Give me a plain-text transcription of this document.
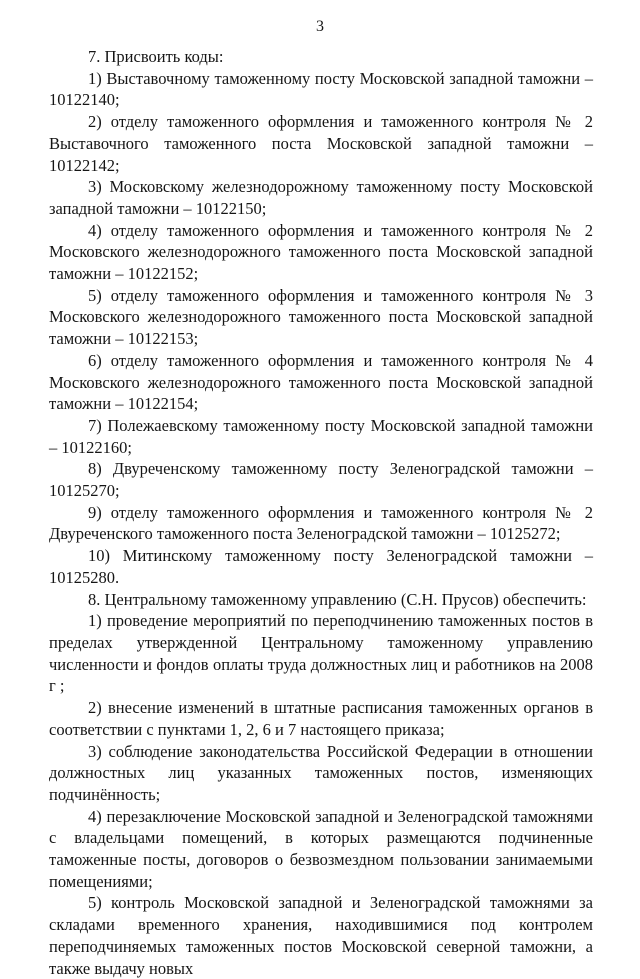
3

7. Присвоить коды:

1) Выставочному таможенному посту Московской западной таможни – 10122140;

2) отделу таможенного оформления и таможенного контроля № 2 Выставочного таможенного поста Московской западной таможни – 10122142;

3) Московскому железнодорожному таможенному посту Московской западной таможни – 10122150;

4) отделу таможенного оформления и таможенного контроля № 2 Московского железнодорожного таможенного поста Московской западной таможни – 10122152;

5) отделу таможенного оформления и таможенного контроля № 3 Московского железнодорожного таможенного поста Московской западной таможни – 10122153;

6) отделу таможенного оформления и таможенного контроля № 4 Московского железнодорожного таможенного поста Московской западной таможни – 10122154;

7) Полежаевскому таможенному посту Московской западной таможни – 10122160;

8) Двуреченскому таможенному посту Зеленоградской таможни – 10125270;

9) отделу таможенного оформления и таможенного контроля № 2 Двуреченского таможенного поста Зеленоградской таможни – 10125272;

10) Митинскому таможенному посту Зеленоградской таможни – 10125280.

8. Центральному таможенному управлению (С.Н. Прусов) обеспечить:

1) проведение мероприятий по переподчинению таможенных постов в пределах утвержденной Центральному таможенному управлению численности и фондов оплаты труда должностных лиц и работников на 2008 г ;

2) внесение изменений в штатные расписания таможенных органов в соответствии с пунктами 1, 2, 6 и 7 настоящего приказа;

3) соблюдение законодательства Российской Федерации в отношении должностных лиц указанных таможенных постов, изменяющих подчинённость;

4) перезаключение Московской западной и Зеленоградской таможнями с владельцами помещений, в которых размещаются подчиненные таможенные посты, договоров о безвозмездном пользовании занимаемыми помещениями;

5) контроль Московской западной и Зеленоградской таможнями за складами временного хранения, находившимися под контролем переподчиняемых таможенных постов Московской северной таможни, а также выдачу новых
